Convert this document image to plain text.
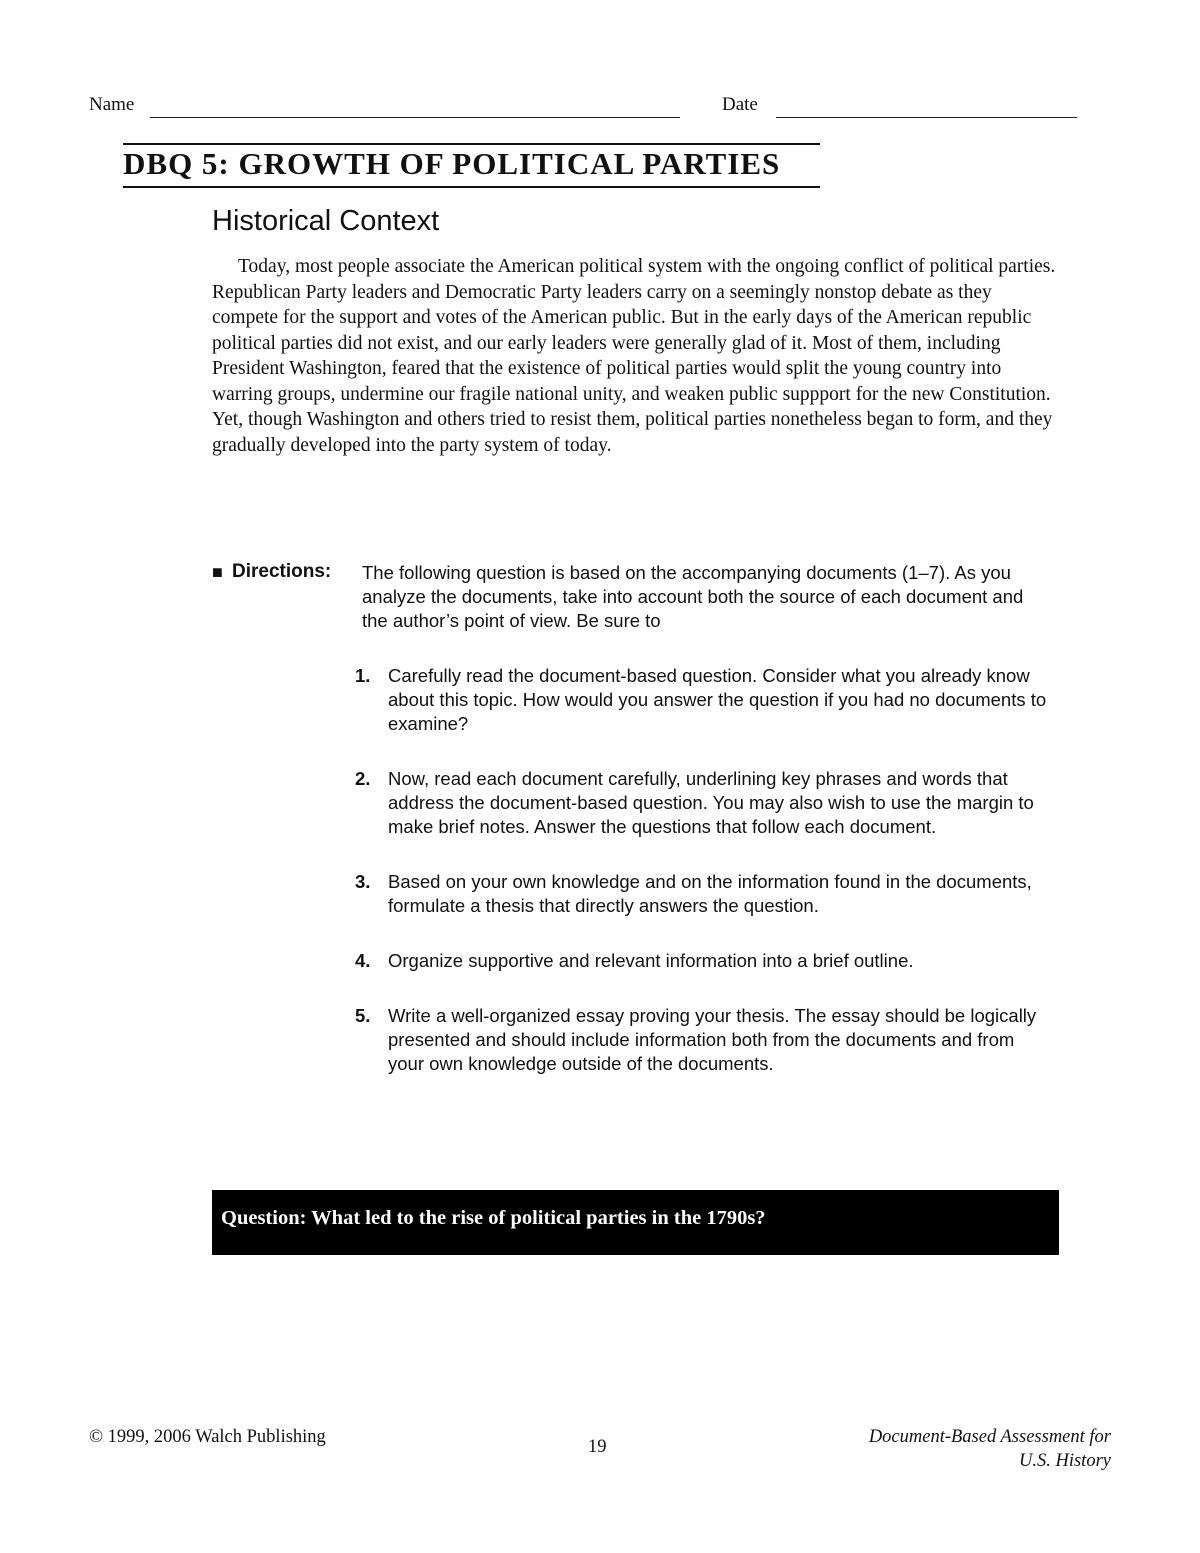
Name	Date
DBQ 5: GROWTH OF POLITICAL PARTIES
Historical Context

Today, most people associate the American political system with the ongoing conflict of political parties. Republican Party leaders and Democratic Party leaders carry on a seemingly nonstop debate as they compete for the support and votes of the American public. But in the early days of the American republic political parties did not exist, and our early leaders were generally glad of it. Most of them, including President Washington, feared that the existence of political parties would split the young country into warring groups, undermine our fragile national unity, and weaken public suppport for the new Constitution. Yet, though Washington and others tried to resist them, political parties nonetheless began to form, and they gradually developed into the party system of today.

■ Directions: The following question is based on the accompanying documents (1–7). As you analyze the documents, take into account both the source of each document and the author’s point of view. Be sure to

1. Carefully read the document-based question. Consider what you already know about this topic. How would you answer the question if you had no documents to examine?
2. Now, read each document carefully, underlining key phrases and words that address the document-based question. You may also wish to use the margin to make brief notes. Answer the questions that follow each document.
3. Based on your own knowledge and on the information found in the documents, formulate a thesis that directly answers the question.
4. Organize supportive and relevant information into a brief outline.
5. Write a well-organized essay proving your thesis. The essay should be logically presented and should include information both from the documents and from your own knowledge outside of the documents.
Question: What led to the rise of political parties in the 1790s?
© 1999, 2006 Walch Publishing	19	Document-Based Assessment for
U.S. History
